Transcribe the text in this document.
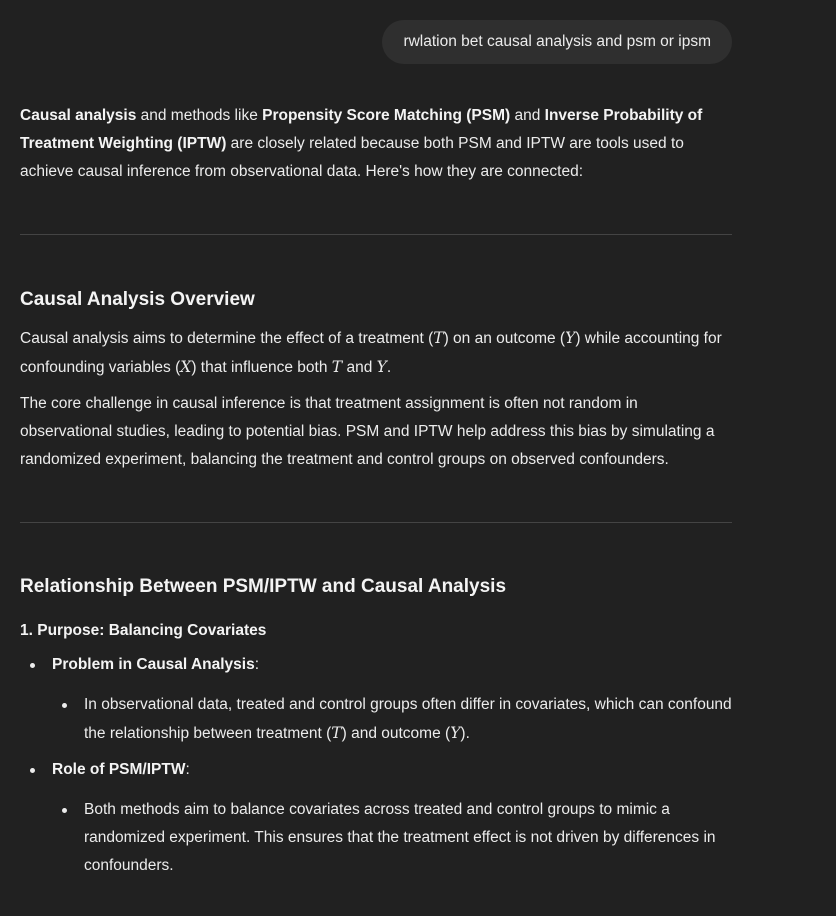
rwlation bet causal analysis and psm or ipsm

Causal analysis and methods like Propensity Score Matching (PSM) and Inverse Probability of Treatment Weighting (IPTW) are closely related because both PSM and IPTW are tools used to achieve causal inference from observational data. Here's how they are connected:

Causal Analysis Overview

Causal analysis aims to determine the effect of a treatment (T) on an outcome (Y) while accounting for confounding variables (X) that influence both T and Y.

The core challenge in causal inference is that treatment assignment is often not random in observational studies, leading to potential bias. PSM and IPTW help address this bias by simulating a randomized experiment, balancing the treatment and control groups on observed confounders.

Relationship Between PSM/IPTW and Causal Analysis
1. Purpose: Balancing Covariates
Problem in Causal Analysis:
In observational data, treated and control groups often differ in covariates, which can confound the relationship between treatment (T) and outcome (Y).
Role of PSM/IPTW:
Both methods aim to balance covariates across treated and control groups to mimic a randomized experiment. This ensures that the treatment effect is not driven by differences in confounders.
